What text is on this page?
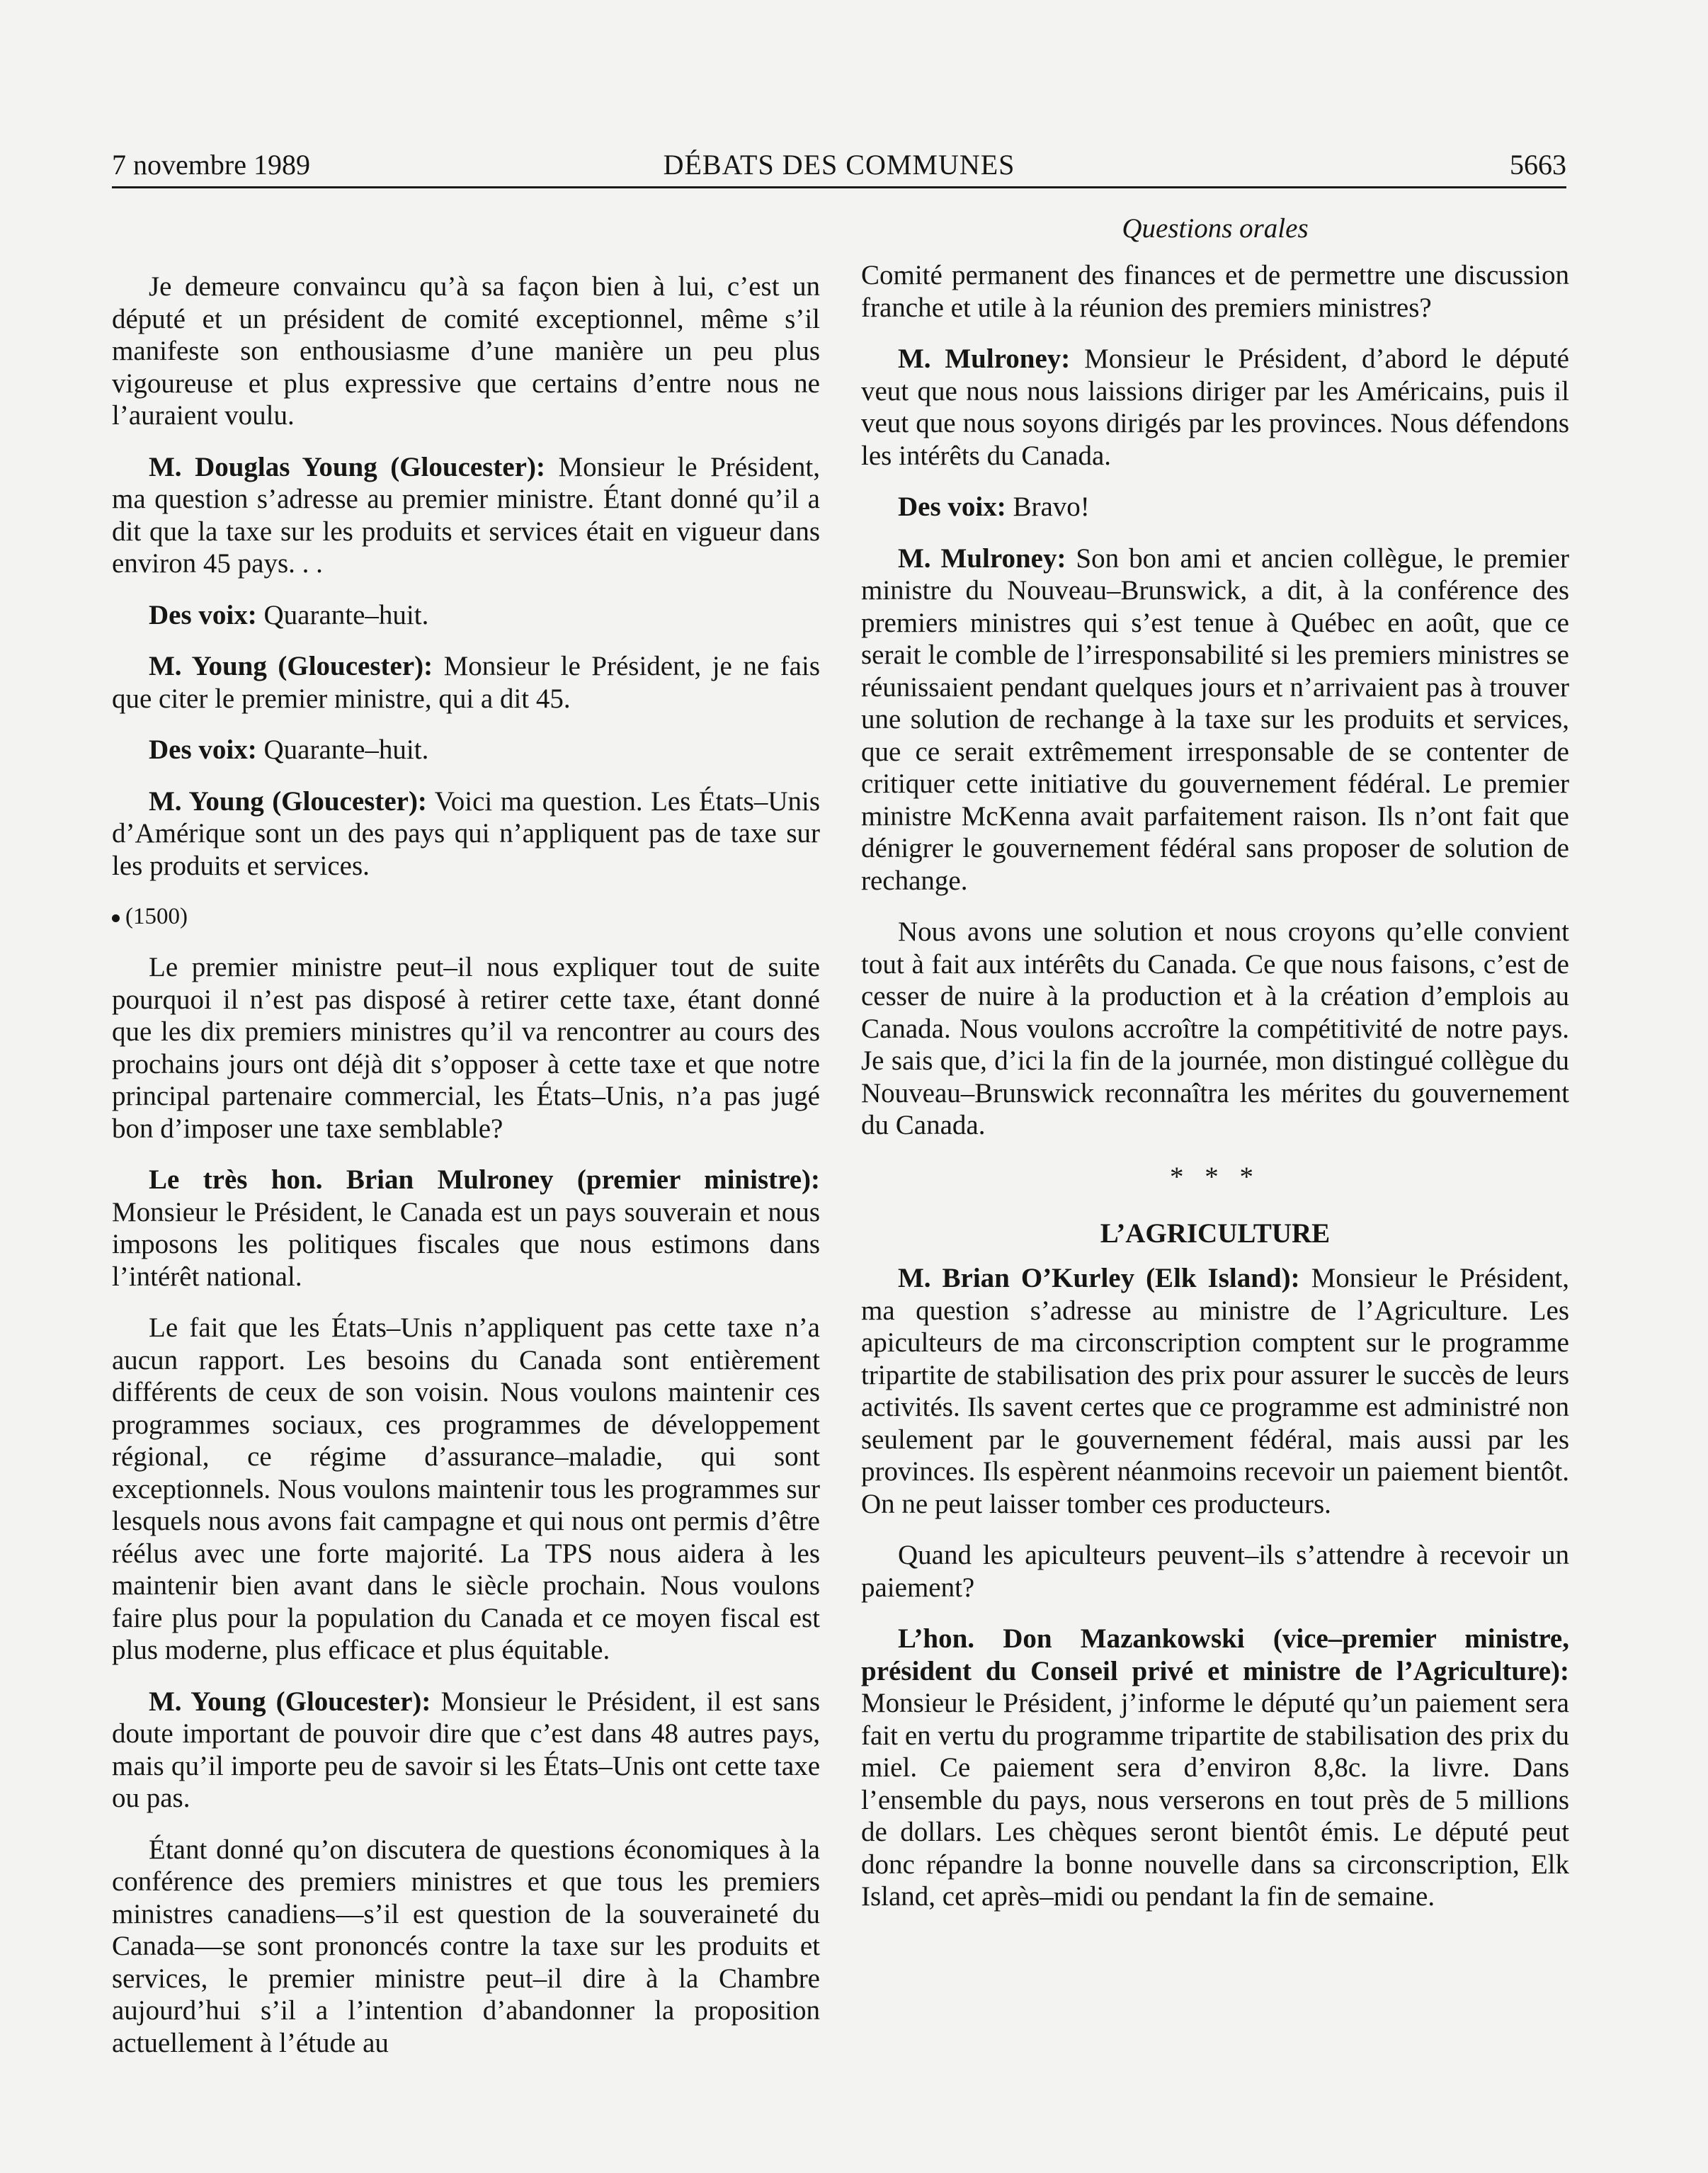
7 novembre 1989	DÉBATS DES COMMUNES	5663

Je demeure convaincu qu’à sa façon bien à lui, c’est un député et un président de comité exceptionnel, même s’il manifeste son enthousiasme d’une manière un peu plus vigoureuse et plus expressive que certains d’entre nous ne l’auraient voulu.

M. Douglas Young (Gloucester): Monsieur le Président, ma question s’adresse au premier ministre. Étant donné qu’il a dit que la taxe sur les produits et services était en vigueur dans environ 45 pays. . .

Des voix: Quarante–huit.

M. Young (Gloucester): Monsieur le Président, je ne fais que citer le premier ministre, qui a dit 45.

Des voix: Quarante–huit.

M. Young (Gloucester): Voici ma question. Les États–Unis d’Amérique sont un des pays qui n’appliquent pas de taxe sur les produits et services.

(1500)

Le premier ministre peut–il nous expliquer tout de suite pourquoi il n’est pas disposé à retirer cette taxe, étant donné que les dix premiers ministres qu’il va rencontrer au cours des prochains jours ont déjà dit s’opposer à cette taxe et que notre principal partenaire commercial, les États–Unis, n’a pas jugé bon d’imposer une taxe semblable?

Le très hon. Brian Mulroney (premier ministre): Monsieur le Président, le Canada est un pays souverain et nous imposons les politiques fiscales que nous estimons dans l’intérêt national.

Le fait que les États–Unis n’appliquent pas cette taxe n’a aucun rapport. Les besoins du Canada sont entièrement différents de ceux de son voisin. Nous voulons maintenir ces programmes sociaux, ces programmes de développement régional, ce régime d’assurance–maladie, qui sont exceptionnels. Nous voulons maintenir tous les programmes sur lesquels nous avons fait campagne et qui nous ont permis d’être réélus avec une forte majorité. La TPS nous aidera à les maintenir bien avant dans le siècle prochain. Nous voulons faire plus pour la population du Canada et ce moyen fiscal est plus moderne, plus efficace et plus équitable.

M. Young (Gloucester): Monsieur le Président, il est sans doute important de pouvoir dire que c’est dans 48 autres pays, mais qu’il importe peu de savoir si les États–Unis ont cette taxe ou pas.

Étant donné qu’on discutera de questions économiques à la conférence des premiers ministres et que tous les premiers ministres canadiens—s’il est question de la souveraineté du Canada—se sont prononcés contre la taxe sur les produits et services, le premier ministre peut–il dire à la Chambre aujourd’hui s’il a l’intention d’abandonner la proposition actuellement à l’étude au

Questions orales

Comité permanent des finances et de permettre une discussion franche et utile à la réunion des premiers ministres?

M. Mulroney: Monsieur le Président, d’abord le député veut que nous nous laissions diriger par les Américains, puis il veut que nous soyons dirigés par les provinces. Nous défendons les intérêts du Canada.

Des voix: Bravo!

M. Mulroney: Son bon ami et ancien collègue, le premier ministre du Nouveau–Brunswick, a dit, à la conférence des premiers ministres qui s’est tenue à Québec en août, que ce serait le comble de l’irresponsabilité si les premiers ministres se réunissaient pendant quelques jours et n’arrivaient pas à trouver une solution de rechange à la taxe sur les produits et services, que ce serait extrêmement irresponsable de se contenter de critiquer cette initiative du gouvernement fédéral. Le premier ministre McKenna avait parfaitement raison. Ils n’ont fait que dénigrer le gouvernement fédéral sans proposer de solution de rechange.

Nous avons une solution et nous croyons qu’elle convient tout à fait aux intérêts du Canada. Ce que nous faisons, c’est de cesser de nuire à la production et à la création d’emplois au Canada. Nous voulons accroître la compétitivité de notre pays. Je sais que, d’ici la fin de la journée, mon distingué collègue du Nouveau–Brunswick reconnaîtra les mérites du gouvernement du Canada.

* * *
L’AGRICULTURE

M. Brian O’Kurley (Elk Island): Monsieur le Président, ma question s’adresse au ministre de l’Agriculture. Les apiculteurs de ma circonscription comptent sur le programme tripartite de stabilisation des prix pour assurer le succès de leurs activités. Ils savent certes que ce programme est administré non seulement par le gouvernement fédéral, mais aussi par les provinces. Ils espèrent néanmoins recevoir un paiement bientôt. On ne peut laisser tomber ces producteurs.

Quand les apiculteurs peuvent–ils s’attendre à recevoir un paiement?

L’hon. Don Mazankowski (vice–premier ministre, président du Conseil privé et ministre de l’Agriculture): Monsieur le Président, j’informe le député qu’un paiement sera fait en vertu du programme tripartite de stabilisation des prix du miel. Ce paiement sera d’environ 8,8c. la livre. Dans l’ensemble du pays, nous verserons en tout près de 5 millions de dollars. Les chèques seront bientôt émis. Le député peut donc répandre la bonne nouvelle dans sa circonscription, Elk Island, cet après–midi ou pendant la fin de semaine.
